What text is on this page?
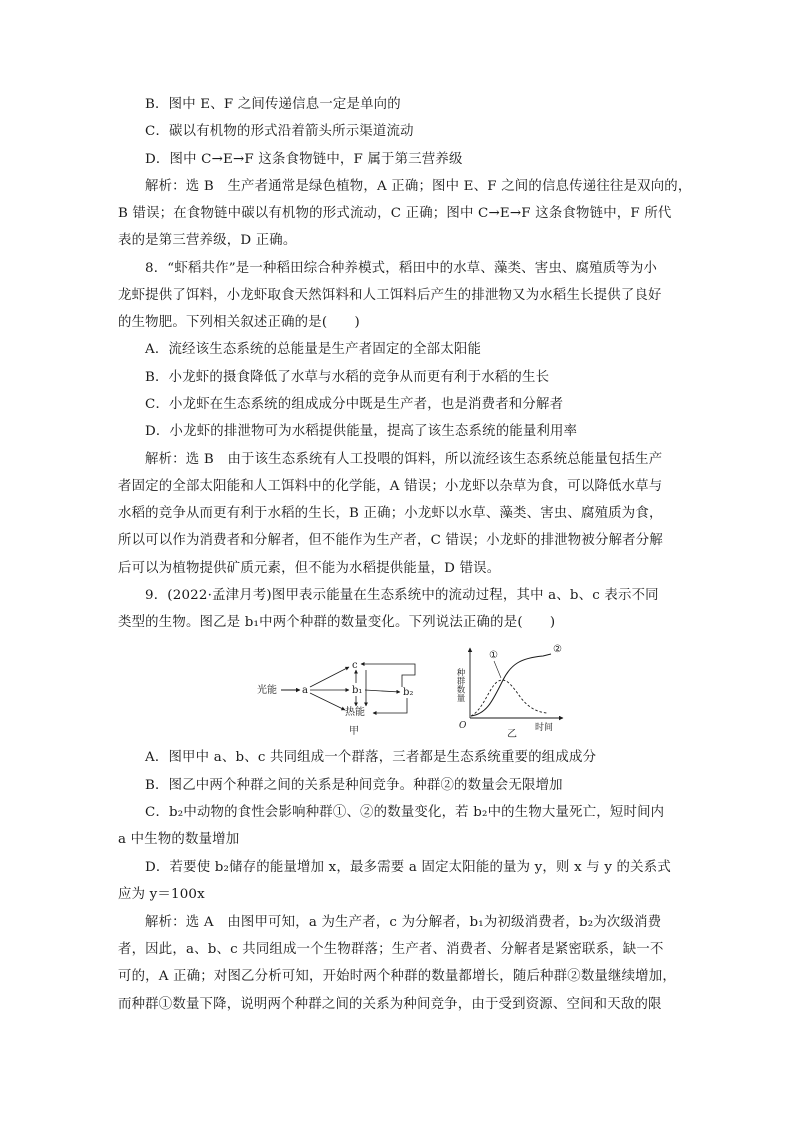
B．图中 E、F 之间传递信息一定是单向的
C．碳以有机物的形式沿着箭头所示渠道流动
D．图中 C→E→F 这条食物链中，F 属于第三营养级
解析：选 B　生产者通常是绿色植物，A 正确；图中 E、F 之间的信息传递往往是双向的，
B 错误；在食物链中碳以有机物的形式流动，C 正确；图中 C→E→F 这条食物链中，F 所代
表的是第三营养级，D 正确。
8．“虾稻共作”是一种稻田综合种养模式，稻田中的水草、藻类、害虫、腐殖质等为小
龙虾提供了饵料，小龙虾取食天然饵料和人工饵料后产生的排泄物又为水稻生长提供了良好
的生物肥。下列相关叙述正确的是(　　)
A．流经该生态系统的总能量是生产者固定的全部太阳能
B．小龙虾的摄食降低了水草与水稻的竞争从而更有利于水稻的生长
C．小龙虾在生态系统的组成成分中既是生产者，也是消费者和分解者
D．小龙虾的排泄物可为水稻提供能量，提高了该生态系统的能量利用率
解析：选 B　由于该生态系统有人工投喂的饵料，所以流经该生态系统总能量包括生产
者固定的全部太阳能和人工饵料中的化学能，A 错误；小龙虾以杂草为食，可以降低水草与
水稻的竞争从而更有利于水稻的生长，B 正确；小龙虾以水草、藻类、害虫、腐殖质为食，
所以可以作为消费者和分解者，但不能作为生产者，C 错误；小龙虾的排泄物被分解者分解
后可以为植物提供矿质元素，但不能为水稻提供能量，D 错误。
9．(2022·孟津月考)图甲表示能量在生态系统中的流动过程，其中 a、b、c 表示不同
类型的生物。图乙是 b₁中两个种群的数量变化。下列说法正确的是(　　)
光能	a
c
b₁	b₂
热能
甲
种群数量
时间
O
①
②
乙
A．图甲中 a、b、c 共同组成一个群落，三者都是生态系统重要的组成成分
B．图乙中两个种群之间的关系是种间竞争。种群②的数量会无限增加
C．b₂中动物的食性会影响种群①、②的数量变化，若 b₂中的生物大量死亡，短时间内
a 中生物的数量增加
D．若要使 b₂储存的能量增加 x，最多需要 a 固定太阳能的量为 y，则 x 与 y 的关系式
应为 y＝100x
解析：选 A　由图甲可知，a 为生产者，c 为分解者，b₁为初级消费者，b₂为次级消费
者，因此，a、b、c 共同组成一个生物群落；生产者、消费者、分解者是紧密联系，缺一不
可的，A 正确；对图乙分析可知，开始时两个种群的数量都增长，随后种群②数量继续增加，
而种群①数量下降，说明两个种群之间的关系为种间竞争，由于受到资源、空间和天敌的限
